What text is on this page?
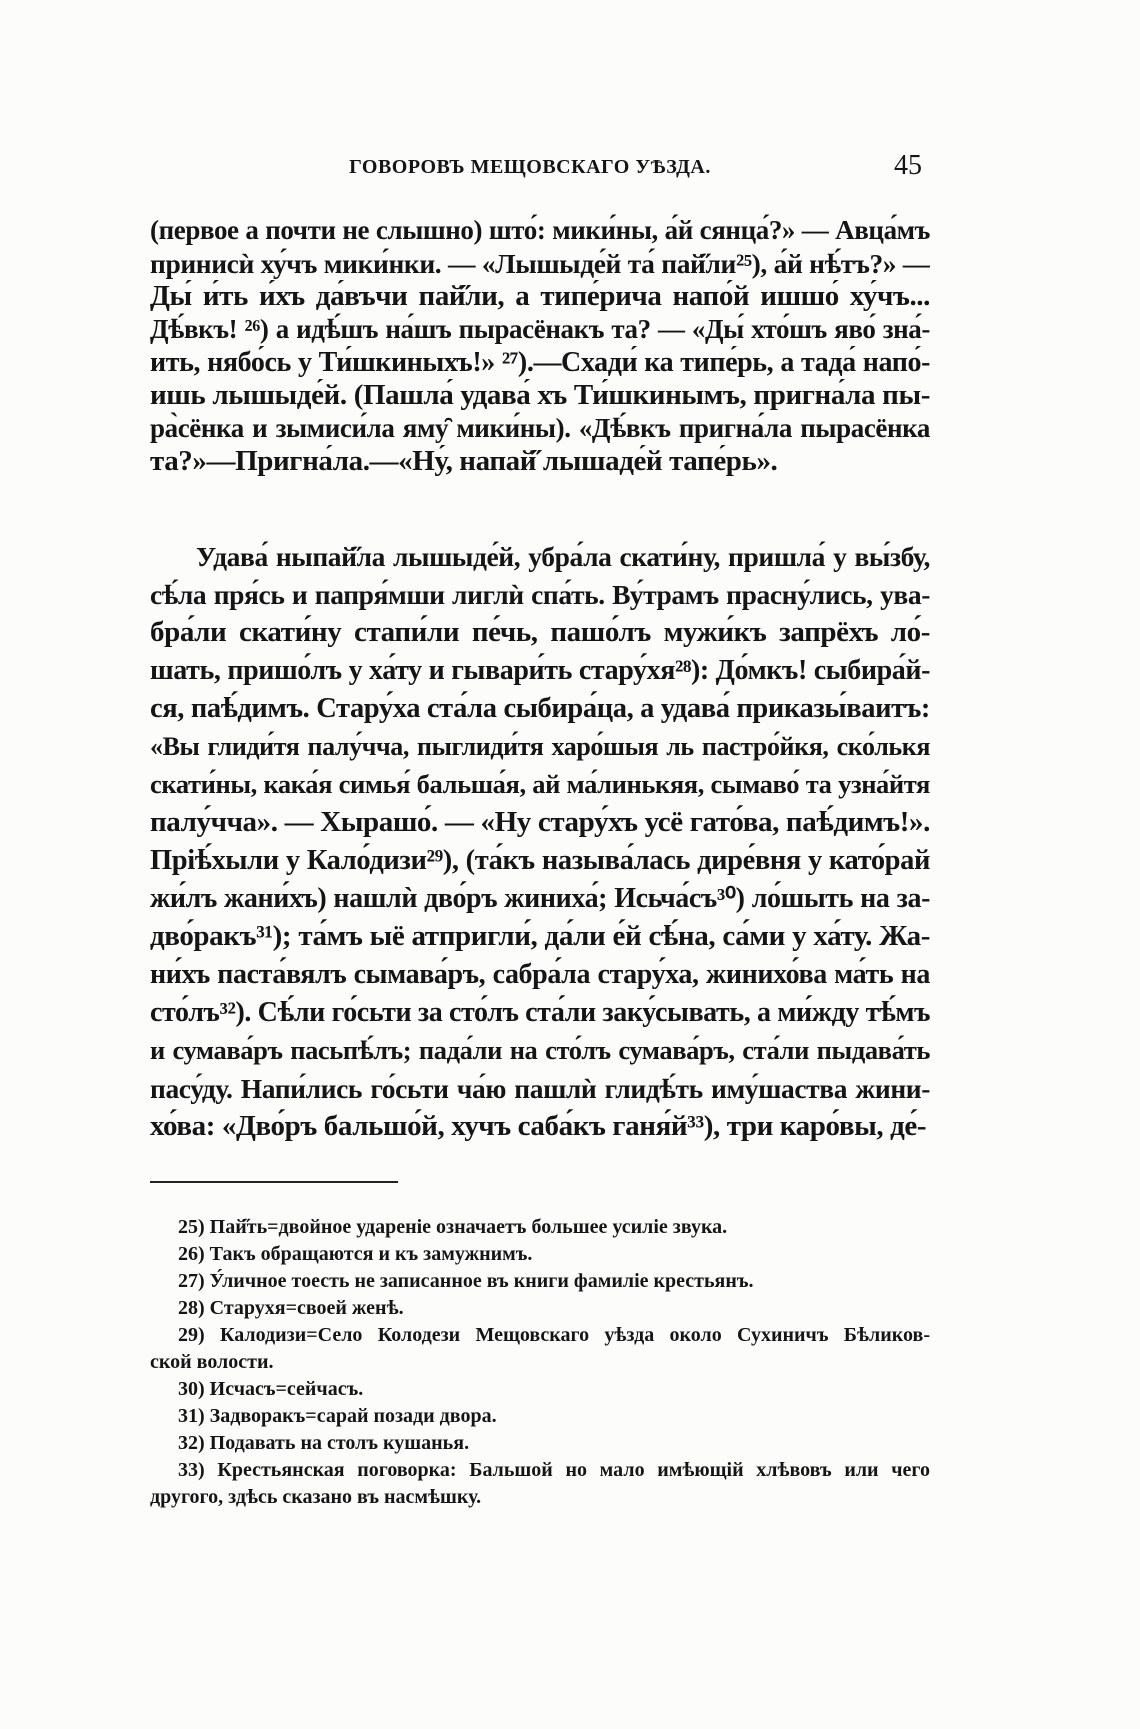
ГОВОРОВЪ МЕЩОВСКАГО УѢЗДА.	45
(первое а почти не слышно) што́: мики́ны, а́й сянца́?» — Авца́мъ
принисѝ ху́чъ мики́нки. — «Лышыде́й та́ пай̋ли²⁵), а́й нѣ́тъ?» —
Ды́ и́ть и́хъ да́въчи пай̋ли, а типе́рича напо́й ишшо́ ху́чъ...
Дѣ́вкъ! ²⁶) а идѣ́шъ на́шъ пырасёнакъ та? — «Ды́ хто́шъ яво́ зна́-
ить, нябо́сь у Ти́шкиныхъ!» ²⁷).—Схади́ ка типе́рь, а тада́ напо́-
ишь лышыде́й. (Пашла́ удава́ хъ Ти́шкинымъ, пригна́ла пы-
ра̀сёнка и зымиси́ла яму̑ мики́ны). «Дѣ́вкъ пригна́ла пырасёнка
та?»—Пригна́ла.—«Ну́, напай̋ лышаде́й тапе́рь».
Удава́ ныпай̋ла лышыде́й, убра́ла скати́ну, пришла́ у вы́збу,
сѣ́ла пря́сь и папря́мши лиглѝ спа́ть. Ву́трамъ прасну́лись, ува-
бра́ли скати́ну стапи́ли пе́чь, пашо́лъ мужи́къ запрёхъ ло́-
шать, пришо́лъ у ха́ту и гывари́ть стару́хя²⁸): До́мкъ! сыбира́й-
ся, паѣ́димъ. Стару́ха ста́ла сыбира́ца, а удава́ приказы́ваитъ:
«Вы глиди́тя палу́чча, пыглиди́тя харо́шыя ль пастро́йкя, ско́лькя
скати́ны, кака́я симья́ бальша́я, ай ма́линькяя, сымаво́ та узна́йтя
палу́чча». — Хырашо́. — «Ну стару́хъ усё гато́ва, паѣ́димъ!».
Прiѣ́хыли у Кало́дизи²⁹), (та́къ называ́лась дире́вня у като́рай
жи́лъ жани́хъ) нашлѝ дво́ръ жиниха́; Исьча́съ³⁰) ло́шыть на за-
дво́ракъ³¹); та́мъ ыё атпригли́, да́ли е́й сѣ́на, са́ми у ха́ту. Жа-
ни́хъ паста́вялъ сымава́ръ, сабра́ла стару́ха, жинихо́ва ма́ть на
сто́лъ³²). Сѣ́ли го́сьти за сто́лъ ста́ли заку́сывать, а ми́жду тѣ́мъ
и сумава́ръ пасьпѣ́лъ; пада́ли на сто́лъ сумава́ръ, ста́ли пыдава́ть
пасу́ду. Напи́лись го́сьти ча́ю пашлѝ глидѣ́ть иму́шаства жини-
хо́ва: «Дво́ръ бальшо́й, хучъ саба́къ ганя́й³³), три каро́вы, де́-
25) Пай̋ть=двойное удареніе означаетъ большее усиліе звука.
26) Такъ обращаются и къ замужнимъ.
27) У́личное тоесть не записанное въ книги фамиліе крестьянъ.
28) Старухя=своей женѣ.
29) Калодизи=Село Колодези Мещовскаго уѣзда около Сухиничъ Бѣликов-
ской волости.
30) Исчасъ=сейчасъ.
31) Задворакъ=сарай позади двора.
32) Подавать на столъ кушанья.
33) Крестьянская поговорка: Бальшой но мало имѣющій хлѣвовъ или чего
другого, здѣсь сказано въ насмѣшку.
